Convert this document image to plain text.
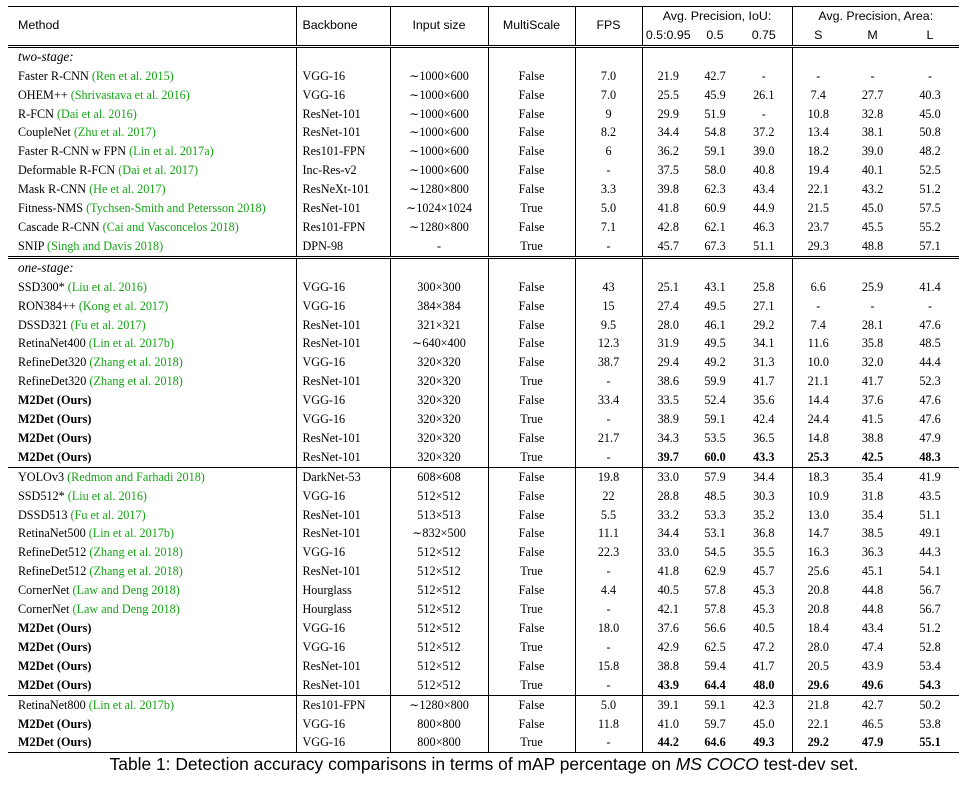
Method	Backbone	Input size	MultiScale	FPS	Avg. Precision, IoU:			Avg. Precision, Area:		
					0.5:0.95	0.5	0.75	S	M	L
two-stage:										
Faster R-CNN (Ren et al. 2015)	VGG-16	∼1000×600	False	7.0	21.9	42.7	-	-	-	-
OHEM++ (Shrivastava et al. 2016)	VGG-16	∼1000×600	False	7.0	25.5	45.9	26.1	7.4	27.7	40.3
R-FCN (Dai et al. 2016)	ResNet-101	∼1000×600	False	9	29.9	51.9	-	10.8	32.8	45.0
CoupleNet (Zhu et al. 2017)	ResNet-101	∼1000×600	False	8.2	34.4	54.8	37.2	13.4	38.1	50.8
Faster R-CNN w FPN (Lin et al. 2017a)	Res101-FPN	∼1000×600	False	6	36.2	59.1	39.0	18.2	39.0	48.2
Deformable R-FCN (Dai et al. 2017)	Inc-Res-v2	∼1000×600	False	-	37.5	58.0	40.8	19.4	40.1	52.5
Mask R-CNN (He et al. 2017)	ResNeXt-101	∼1280×800	False	3.3	39.8	62.3	43.4	22.1	43.2	51.2
Fitness-NMS (Tychsen-Smith and Petersson 2018)	ResNet-101	∼1024×1024	True	5.0	41.8	60.9	44.9	21.5	45.0	57.5
Cascade R-CNN (Cai and Vasconcelos 2018)	Res101-FPN	∼1280×800	False	7.1	42.8	62.1	46.3	23.7	45.5	55.2
SNIP (Singh and Davis 2018)	DPN-98	-	True	-	45.7	67.3	51.1	29.3	48.8	57.1
one-stage:										
SSD300* (Liu et al. 2016)	VGG-16	300×300	False	43	25.1	43.1	25.8	6.6	25.9	41.4
RON384++ (Kong et al. 2017)	VGG-16	384×384	False	15	27.4	49.5	27.1	-	-	-
DSSD321 (Fu et al. 2017)	ResNet-101	321×321	False	9.5	28.0	46.1	29.2	7.4	28.1	47.6
RetinaNet400 (Lin et al. 2017b)	ResNet-101	∼640×400	False	12.3	31.9	49.5	34.1	11.6	35.8	48.5
RefineDet320 (Zhang et al. 2018)	VGG-16	320×320	False	38.7	29.4	49.2	31.3	10.0	32.0	44.4
RefineDet320 (Zhang et al. 2018)	ResNet-101	320×320	True	-	38.6	59.9	41.7	21.1	41.7	52.3
M2Det (Ours)	VGG-16	320×320	False	33.4	33.5	52.4	35.6	14.4	37.6	47.6
M2Det (Ours)	VGG-16	320×320	True	-	38.9	59.1	42.4	24.4	41.5	47.6
M2Det (Ours)	ResNet-101	320×320	False	21.7	34.3	53.5	36.5	14.8	38.8	47.9
M2Det (Ours)	ResNet-101	320×320	True	-	39.7	60.0	43.3	25.3	42.5	48.3
YOLOv3 (Redmon and Farhadi 2018)	DarkNet-53	608×608	False	19.8	33.0	57.9	34.4	18.3	35.4	41.9
SSD512* (Liu et al. 2016)	VGG-16	512×512	False	22	28.8	48.5	30.3	10.9	31.8	43.5
DSSD513 (Fu et al. 2017)	ResNet-101	513×513	False	5.5	33.2	53.3	35.2	13.0	35.4	51.1
RetinaNet500 (Lin et al. 2017b)	ResNet-101	∼832×500	False	11.1	34.4	53.1	36.8	14.7	38.5	49.1
RefineDet512 (Zhang et al. 2018)	VGG-16	512×512	False	22.3	33.0	54.5	35.5	16.3	36.3	44.3
RefineDet512 (Zhang et al. 2018)	ResNet-101	512×512	True	-	41.8	62.9	45.7	25.6	45.1	54.1
CornerNet (Law and Deng 2018)	Hourglass	512×512	False	4.4	40.5	57.8	45.3	20.8	44.8	56.7
CornerNet (Law and Deng 2018)	Hourglass	512×512	True	-	42.1	57.8	45.3	20.8	44.8	56.7
M2Det (Ours)	VGG-16	512×512	False	18.0	37.6	56.6	40.5	18.4	43.4	51.2
M2Det (Ours)	VGG-16	512×512	True	-	42.9	62.5	47.2	28.0	47.4	52.8
M2Det (Ours)	ResNet-101	512×512	False	15.8	38.8	59.4	41.7	20.5	43.9	53.4
M2Det (Ours)	ResNet-101	512×512	True	-	43.9	64.4	48.0	29.6	49.6	54.3
RetinaNet800 (Lin et al. 2017b)	Res101-FPN	∼1280×800	False	5.0	39.1	59.1	42.3	21.8	42.7	50.2
M2Det (Ours)	VGG-16	800×800	False	11.8	41.0	59.7	45.0	22.1	46.5	53.8
M2Det (Ours)	VGG-16	800×800	True	-	44.2	64.6	49.3	29.2	47.9	55.1
Table 1: Detection accuracy comparisons in terms of mAP percentage on MS COCO test-dev set.
